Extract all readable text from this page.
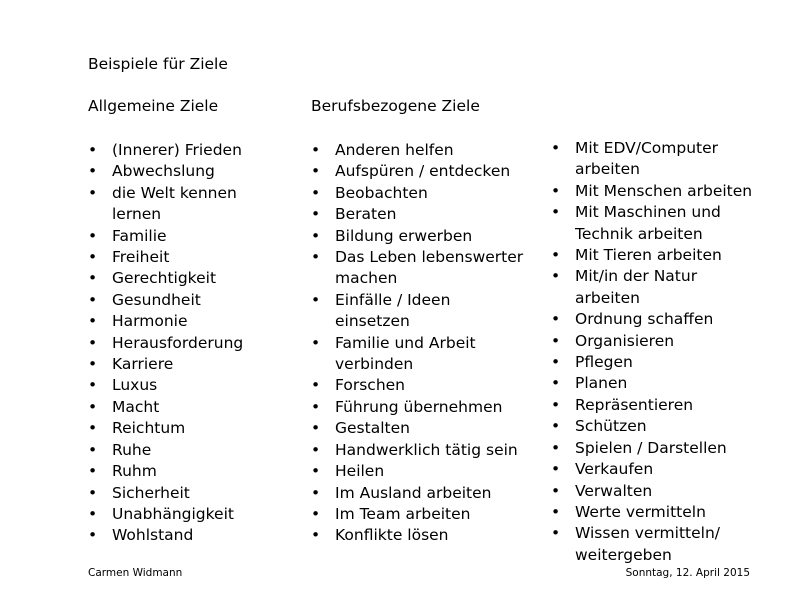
Beispiele für Ziele
Allgemeine Ziele	Berufsbezogene Ziele
• (Innerer) Frieden
• Abwechslung
• die Welt kennen lernen
• Familie
• Freiheit
• Gerechtigkeit
• Gesundheit
• Harmonie
• Herausforderung
• Karriere
• Luxus
• Macht
• Reichtum
• Ruhe
• Ruhm
• Sicherheit
• Unabhängigkeit
• Wohlstand
• Anderen helfen
• Aufspüren / entdecken
• Beobachten
• Beraten
• Bildung erwerben
• Das Leben lebenswerter machen
• Einfälle / Ideen einsetzen
• Familie und Arbeit verbinden
• Forschen
• Führung übernehmen
• Gestalten
• Handwerklich tätig sein
• Heilen
• Im Ausland arbeiten
• Im Team arbeiten
• Konflikte lösen
• Mit EDV/Computer arbeiten
• Mit Menschen arbeiten
• Mit Maschinen und Technik arbeiten
• Mit Tieren arbeiten
• Mit/in der Natur arbeiten
• Ordnung schaffen
• Organisieren
• Pflegen
• Planen
• Repräsentieren
• Schützen
• Spielen / Darstellen
• Verkaufen
• Verwalten
• Werte vermitteln
• Wissen vermitteln/ weitergeben
Carmen Widmann	Sonntag, 12. April 2015
